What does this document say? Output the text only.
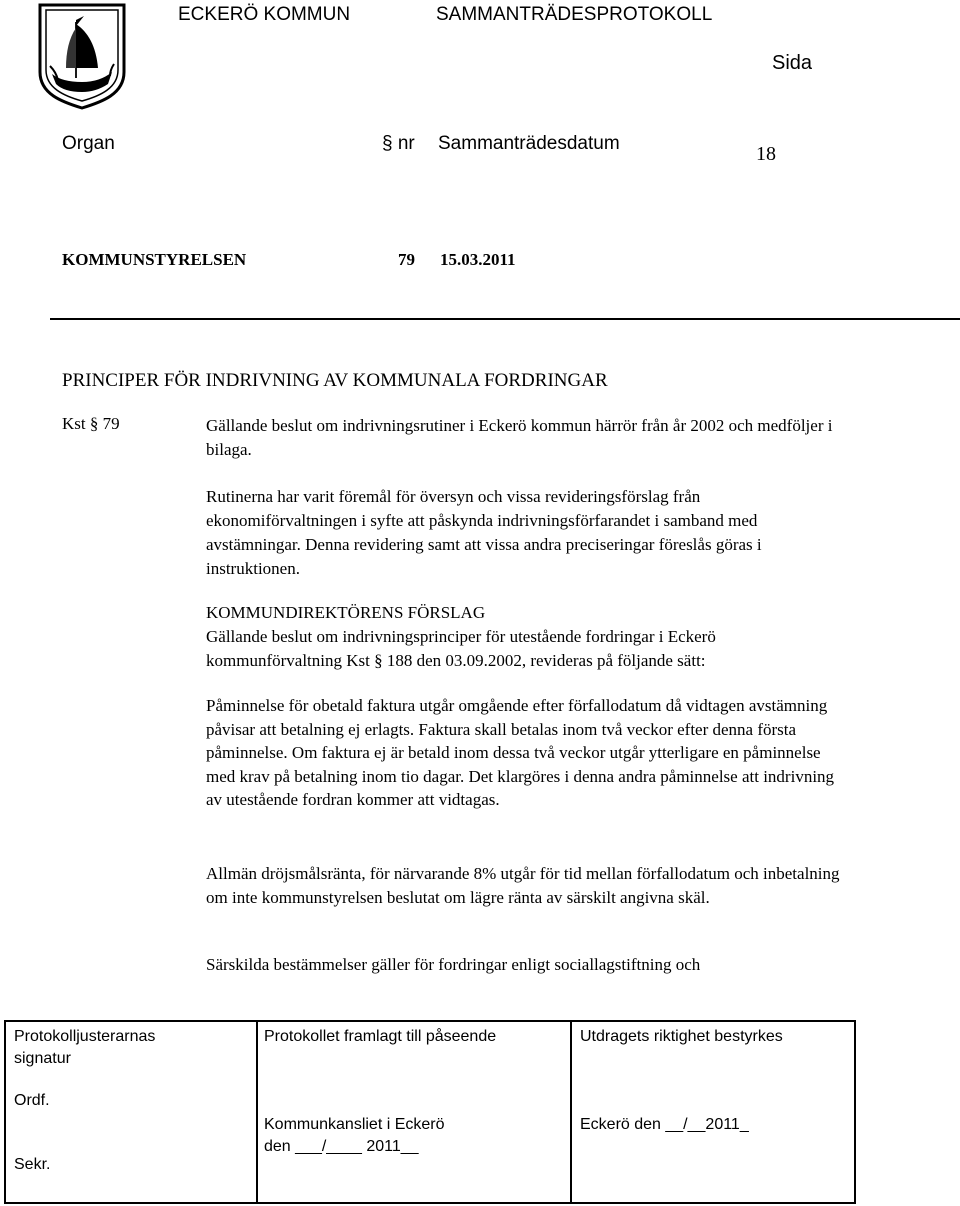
ECKERÖ KOMMUN	SAMMANTRÄDESPROTOKOLL
Sida
Organ	§ nr Sammanträdesdatum	18
KOMMUNSTYRELSEN	79 15.03.2011
PRINCIPER FÖR INDRIVNING AV KOMMUNALA FORDRINGAR
Kst § 79	Gällande beslut om indrivningsrutiner i Eckerö kommun härrör från år 2002 och medföljer i bilaga.
Rutinerna har varit föremål för översyn och vissa revideringsförslag från ekonomiförvaltningen i syfte att påskynda indrivningsförfarandet i samband med avstämningar. Denna revidering samt att vissa andra preciseringar föreslås göras i instruktionen.
KOMMUNDIREKTÖRENS FÖRSLAG
Gällande beslut om indrivningsprinciper för utestående fordringar i Eckerö kommunförvaltning Kst § 188 den 03.09.2002, revideras på följande sätt:
Påminnelse för obetald faktura utgår omgående efter förfallodatum då vidtagen avstämning påvisar att betalning ej erlagts. Faktura skall betalas inom två veckor efter denna första påminnelse. Om faktura ej är betald inom dessa två veckor utgår ytterligare en påminnelse med krav på betalning inom tio dagar. Det klargöres i denna andra påminnelse att indrivning av utestående fordran kommer att vidtagas.
Allmän dröjsmålsränta, för närvarande 8% utgår för tid mellan förfallodatum och inbetalning om inte kommunstyrelsen beslutat om lägre ränta av särskilt angivna skäl.
Särskilda bestämmelser gäller för fordringar enligt sociallagstiftning och
Protokolljusterarnas
signatur
Ordf.
Sekr.
Protokollet framlagt till påseende
Kommunkansliet i Eckerö
den ___/____ 2011__
Utdragets riktighet bestyrkes
Eckerö den __/__2011_
